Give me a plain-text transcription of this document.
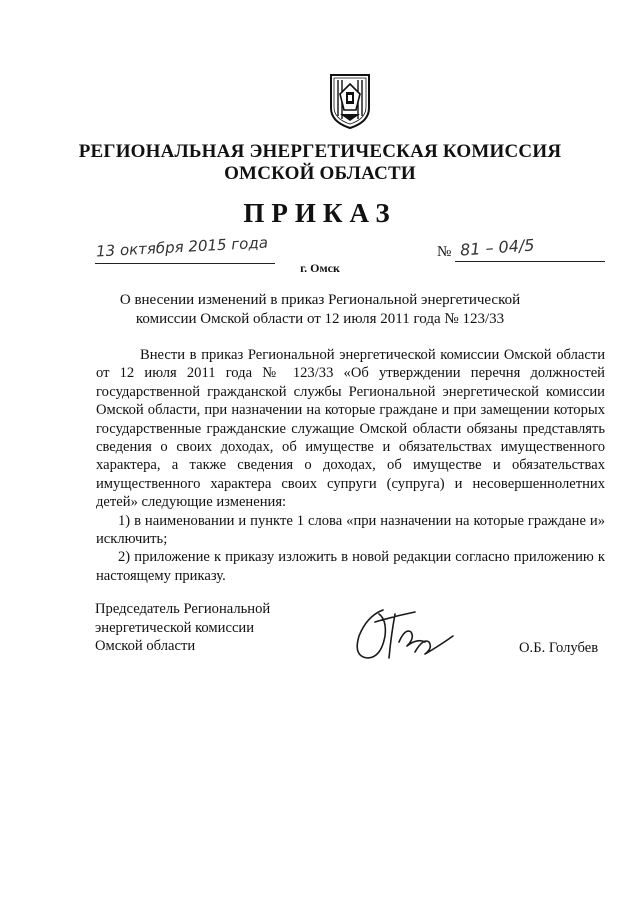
РЕГИОНАЛЬНАЯ ЭНЕРГЕТИЧЕСКАЯ КОМИССИЯ
ОМСКОЙ ОБЛАСТИ
ПРИКАЗ
13 октября 2015 года	№ 81 – 04/5
г. Омск
О внесении изменений в приказ Региональной энергетической
комиссии Омской области от 12 июля 2011 года № 123/33

Внести в приказ Региональной энергетической комиссии Омской области от 12 июля 2011 года № 123/33 «Об утверждении перечня должностей государственной гражданской службы Региональной энергетической комиссии Омской области, при назначении на которые граждане и при замещении которых государственные гражданские служащие Омской области обязаны представлять сведения о своих доходах, об имуществе и обязательствах имущественного характера, а также сведения о доходах, об имуществе и обязательствах имущественного характера своих супруги (супруга) и несовершеннолетних детей» следующие изменения:

1) в наименовании и пункте 1 слова «при назначении на которые граждане и» исключить;

2) приложение к приказу изложить в новой редакции согласно приложению к настоящему приказу.

Председатель Региональной
энергетической комиссии
Омской области	О.Б. Голубев
